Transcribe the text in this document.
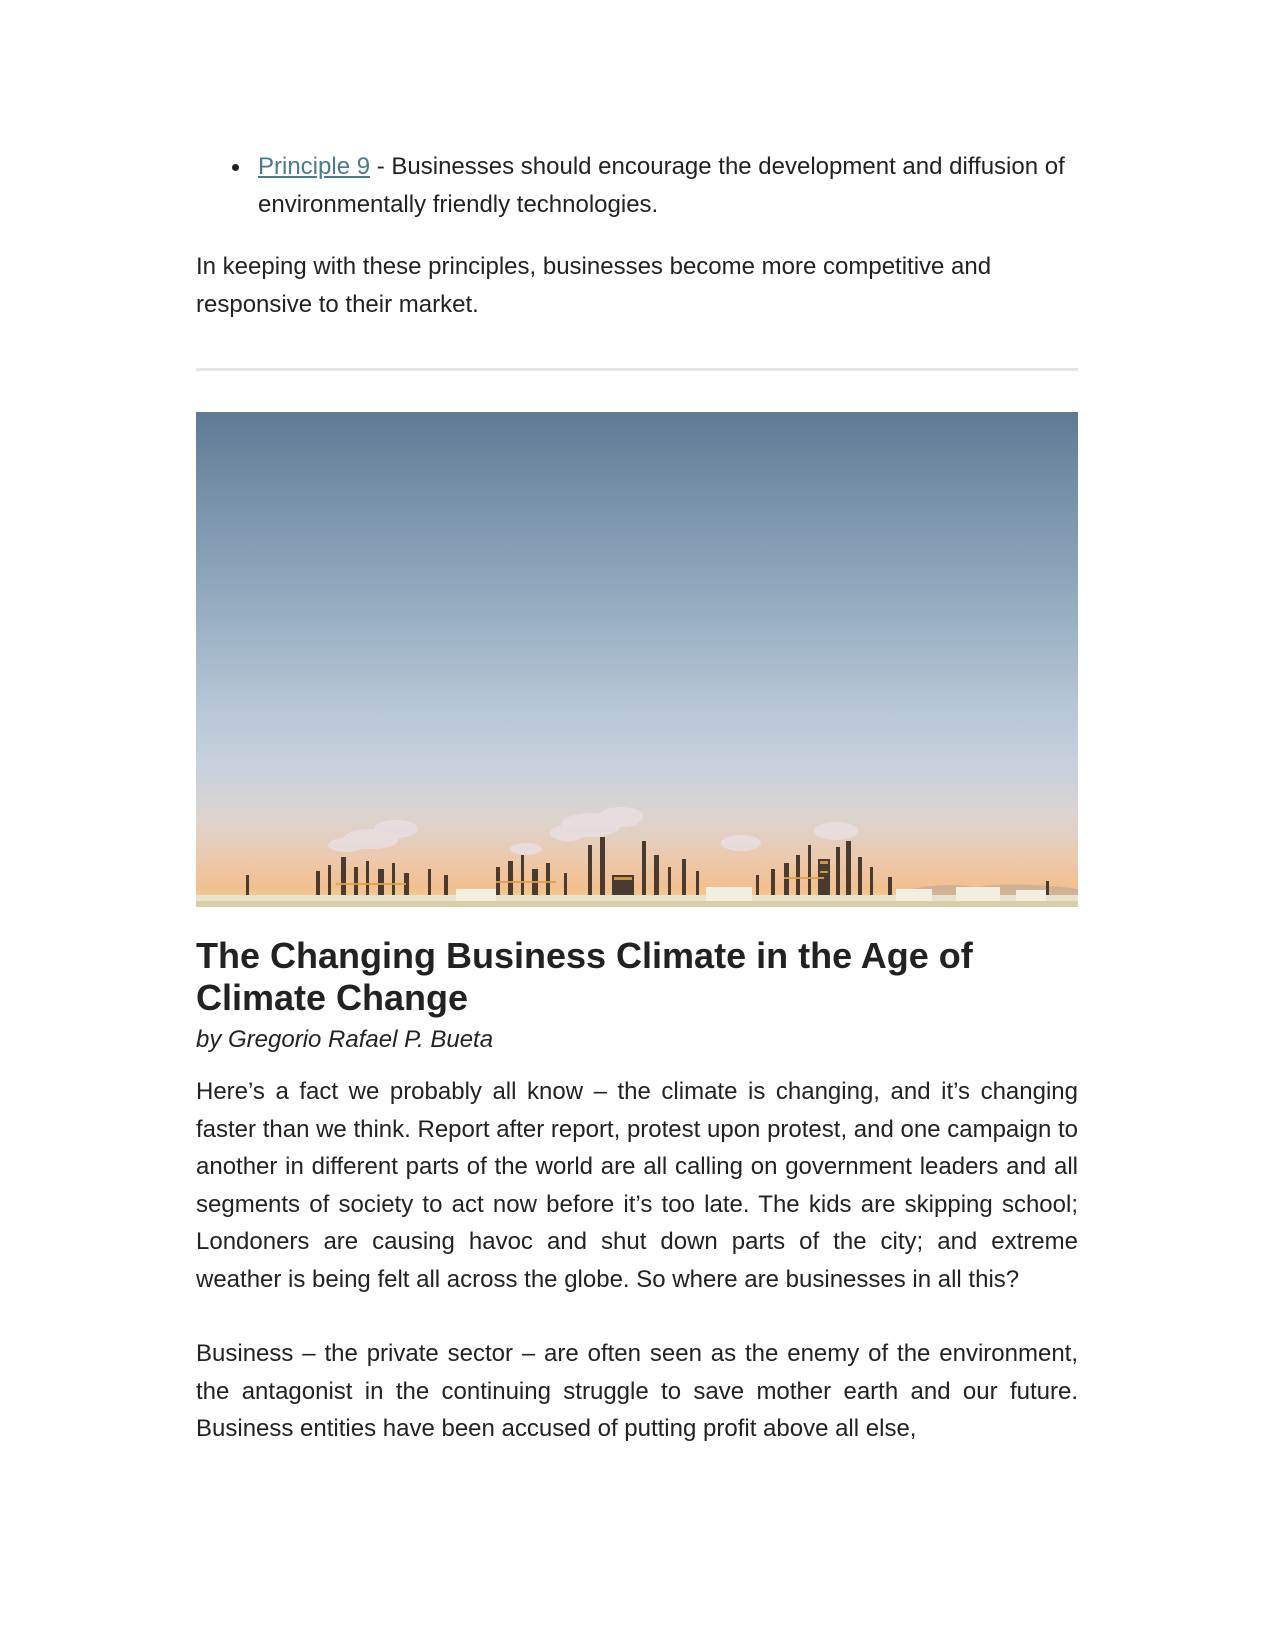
Principle 9 - Businesses should encourage the development and diffusion of environmentally friendly technologies.

In keeping with these principles, businesses become more competitive and responsive to their market.

The Changing Business Climate in the Age of Climate Change

by Gregorio Rafael P. Bueta

Here’s a fact we probably all know – the climate is changing, and it’s changing faster than we think. Report after report, protest upon protest, and one campaign to another in different parts of the world are all calling on government leaders and all segments of society to act now before it’s too late. The kids are skipping school; Londoners are causing havoc and shut down parts of the city; and extreme weather is being felt all across the globe. So where are businesses in all this?

Business – the private sector – are often seen as the enemy of the environment, the antagonist in the continuing struggle to save mother earth and our future. Business entities have been accused of putting profit above all else,
